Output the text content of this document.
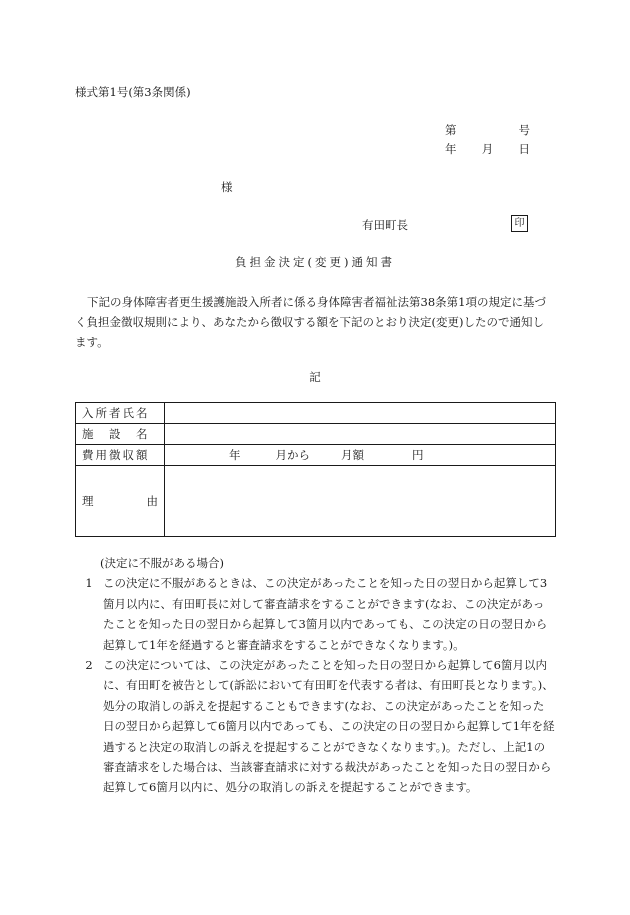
様式第1号(第3条関係)
第	号
年 月 日
様
有田町長	印
負担金決定(変更)通知書
下記の身体障害者更生援護施設入所者に係る身体障害者福祉法第38条第1項の規定に基づく負担金徴収規則により、あなたから徴収する額を下記のとおり決定(変更)したので通知します。
記
入所者氏名	
施　設　名	
費用徴収額	年 月から 月額 円

理 由	

(決定に不服がある場合)
1 この決定に不服があるときは、この決定があったことを知った日の翌日から起算して3箇月以内に、有田町長に対して審査請求をすることができます(なお、この決定があったことを知った日の翌日から起算して3箇月以内であっても、この決定の日の翌日から起算して1年を経過すると審査請求をすることができなくなります。)。
2 この決定については、この決定があったことを知った日の翌日から起算して6箇月以内に、有田町を被告として(訴訟において有田町を代表する者は、有田町長となります。)、処分の取消しの訴えを提起することもできます(なお、この決定があったことを知った日の翌日から起算して6箇月以内であっても、この決定の日の翌日から起算して1年を経過すると決定の取消しの訴えを提起することができなくなります。)。ただし、上記1の審査請求をした場合は、当該審査請求に対する裁決があったことを知った日の翌日から起算して6箇月以内に、処分の取消しの訴えを提起することができます。
